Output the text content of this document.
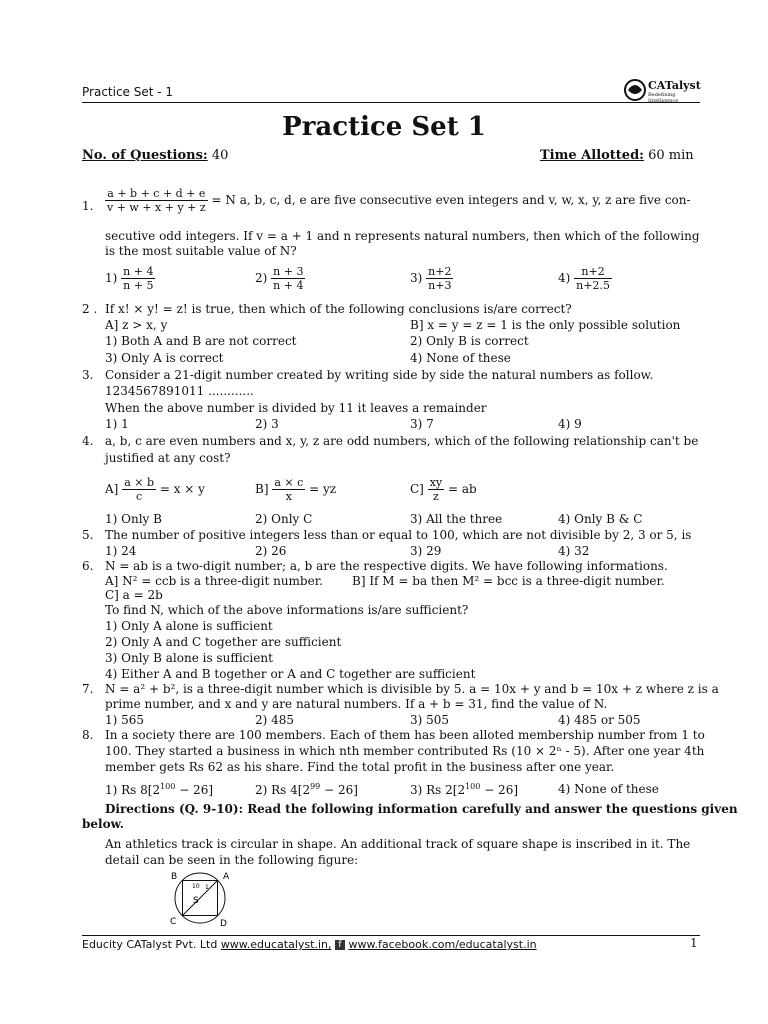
Practice Set - 1	CATalyst
Redefining Intelligence
Practice Set 1
No. of Questions: 40	Time Allotted: 60 min
1. $\frac{a + b + c + d + e}{v + w + x + y + z} = N$ a, b, c, d, e are five consecutive even integers and v, w, x, y, z are five con-
secutive odd integers. If v = a + 1 and n represents natural numbers, then which of the following
is the most suitable value of N?
$1) \frac{n + 4}{n + 5}$	$2) \frac{n + 3}{n + 4}$	$3) \frac{n+2}{n+3}$	$4) \frac{n+2}{n+2.5}$
2 . If x! × y! = z! is true, then which of the following conclusions is/are correct?
A] z > x, y	B] x = y = z = 1 is the only possible solution
1) Both A and B are not correct	2) Only B is correct
3) Only A is correct	4) None of these
3. Consider a 21-digit number created by writing side by side the natural numbers as follow.
1234567891011 ............
When the above number is divided by 11 it leaves a remainder
1) 1	2) 3	3) 7	4) 9
4. a, b, c are even numbers and x, y, z are odd numbers, which of the following relationship can't be
justified at any cost?
$A] \frac{a \times b}{c} = x \times y$	$B] \frac{a \times c}{x}$ = yz	$C] \frac{xy}{z}$ = ab
1) Only B	2) Only C	3) All the three	4) Only B & C
5. The number of positive integers less than or equal to 100, which are not divisible by 2, 3 or 5, is
1) 24	2) 26	3) 29	4) 32
6. N = ab is a two-digit number; a, b are the respective digits. We have following informations.
A] N² = ccb is a three-digit number. B] If M = ba then M² = bcc is a three-digit number.
C] a = 2b
To find N, which of the above informations is/are sufficient?
1) Only A alone is sufficient
2) Only A and C together are sufficient
3) Only B alone is sufficient
4) Either A and B together or A and C together are sufficient
7. N = a² + b², is a three-digit number which is divisible by 5. a = 10x + y and b = 10x + z where z is a
prime number, and x and y are natural numbers. If a + b = 31, find the value of N.
1) 565	2) 485	3) 505	4) 485 or 505
8. In a society there are 100 members. Each of them has been alloted membership number from 1 to
100. They started a business in which nth member contributed Rs (10 × 2ⁿ - 5). After one year 4th
member gets Rs 62 as his share. Find the total profit in the business after one year.
1) Rs $8[2^{100} - 26]$	2) Rs $4[2^{99} - 26]$	3) Rs $2[2^{100} - 26]$	4) None of these
Directions (Q. 9-10): Read the following information carefully and answer the questions given
below.
An athletics track is circular in shape. An additional track of square shape is inscribed in it. The
detail can be seen in the following figure:
B	A
C	D
S
10 1
Educity CATalyst Pvt. Ltd www.educatalyst.in, f www.facebook.com/educatalyst.in	1
